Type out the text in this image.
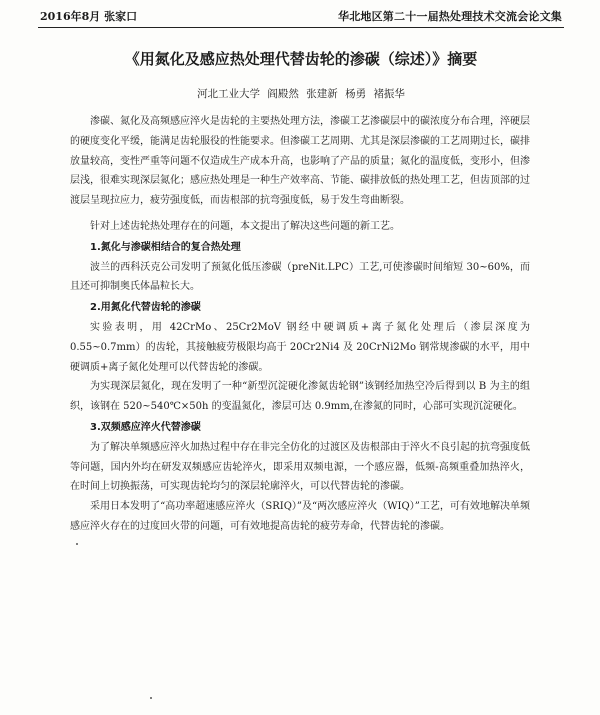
2016年8月 张家口	华北地区第二十一届热处理技术交流会论文集
《用氮化及感应热处理代替齿轮的渗碳（综述）》摘要
河北工业大学 阎殿然 张建新 杨勇 褚振华

渗碳、氮化及高频感应淬火是齿轮的主要热处理方法，渗碳工艺渗碳层中的碳浓度分布合理，淬硬层的硬度变化平缓，能满足齿轮服役的性能要求。但渗碳工艺周期、尤其是深层渗碳的工艺周期过长，碳排放量较高，变性严重等问题不仅造成生产成本升高，也影响了产品的质量；氮化的温度低，变形小，但渗层浅，很难实现深层氮化；感应热处理是一种生产效率高、节能、碳排放低的热处理工艺，但齿顶部的过渡层呈现拉应力，疲劳强度低，而齿根部的抗弯强度低，易于发生弯曲断裂。

针对上述齿轮热处理存在的问题，本文提出了解决这些问题的新工艺。

1.氮化与渗碳相结合的复合热处理

波兰的西科沃克公司发明了预氮化低压渗碳（preNit.LPC）工艺,可使渗碳时间缩短 30~60%，而且还可抑制奥氏体晶粒长大。

2.用氮化代替齿轮的渗碳

实验表明，用 42CrMo、25Cr2MoV 钢经中硬调质+离子氮化处理后（渗层深度为 0.55~0.7mm）的齿轮，其接触疲劳极限均高于 20Cr2Ni4 及 20CrNi2Mo 钢常规渗碳的水平，用中硬调质+离子氮化处理可以代替齿轮的渗碳。

为实现深层氮化，现在发明了一种“新型沉淀硬化渗氮齿轮钢”该钢经加热空冷后得到以 B 为主的组织，该钢在 520~540℃×50h 的变温氮化，渗层可达 0.9mm,在渗氮的同时，心部可实现沉淀硬化。

3.双频感应淬火代替渗碳

为了解决单频感应淬火加热过程中存在非完全仿化的过渡区及齿根部由于淬火不良引起的抗弯强度低等问题，国内外均在研发双频感应齿轮淬火，即采用双频电源，一个感应器，低频-高频重叠加热淬火，在时间上切换振荡，可实现齿轮均匀的深层轮廓淬火，可以代替齿轮的渗碳。

采用日本发明了“高功率超速感应淬火（SRIQ）”及“两次感应淬火（WIQ）”工艺，可有效地解决单频感应淬火存在的过度回火带的问题，可有效地提高齿轮的疲劳寿命，代替齿轮的渗碳。
